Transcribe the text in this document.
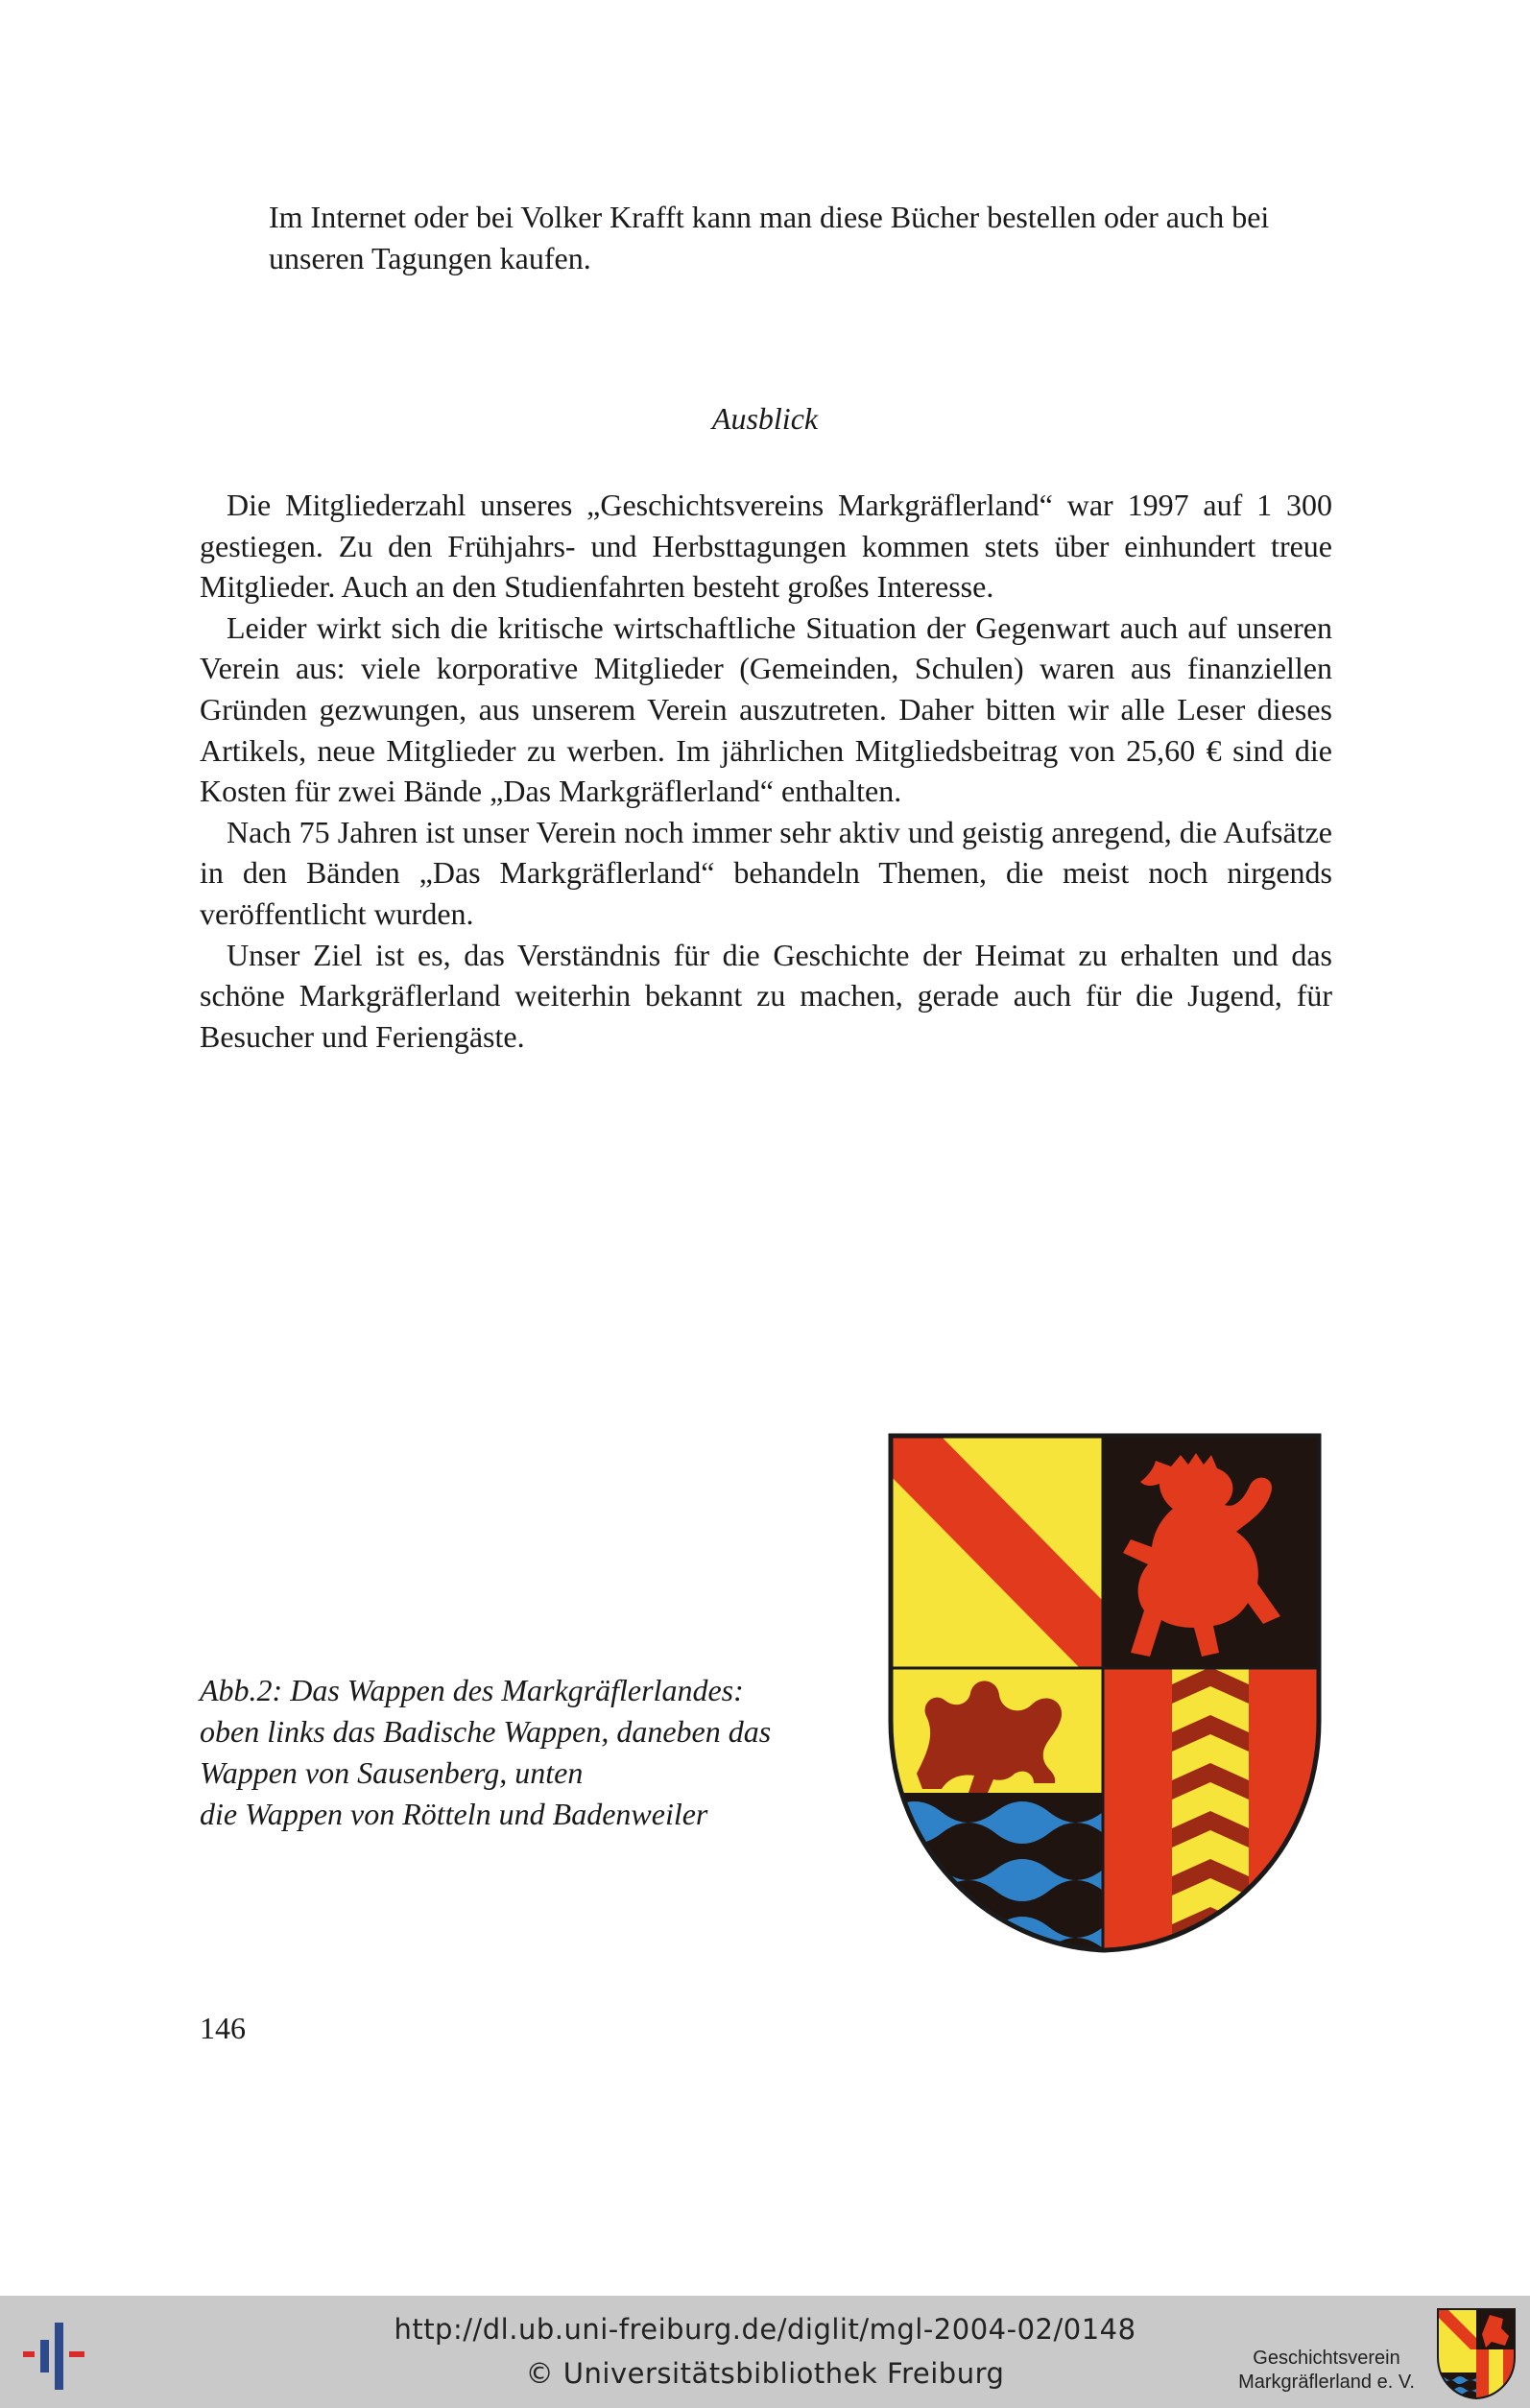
Im Internet oder bei Volker Krafft kann man diese Bücher bestellen oder auch bei unseren Tagungen kaufen.

Ausblick

Die Mitgliederzahl unseres „Geschichtsvereins Markgräflerland“ war 1997 auf 1 300 gestiegen. Zu den Frühjahrs- und Herbsttagungen kommen stets über einhundert treue Mitglieder. Auch an den Studienfahrten besteht großes Interesse.

Leider wirkt sich die kritische wirtschaftliche Situation der Gegenwart auch auf unseren Verein aus: viele korporative Mitglieder (Gemeinden, Schulen) waren aus finanziellen Gründen gezwungen, aus unserem Verein auszutreten. Daher bitten wir alle Leser dieses Artikels, neue Mitglieder zu werben. Im jährlichen Mitgliedsbeitrag von 25,60 € sind die Kosten für zwei Bände „Das Markgräflerland“ enthalten.

Nach 75 Jahren ist unser Verein noch immer sehr aktiv und geistig anregend, die Aufsätze in den Bänden „Das Markgräflerland“ behandeln Themen, die meist noch nirgends veröffentlicht wurden.

Unser Ziel ist es, das Verständnis für die Geschichte der Heimat zu erhalten und das schöne Markgräflerland weiterhin bekannt zu machen, gerade auch für die Jugend, für Besucher und Feriengäste.

Abb.2: Das Wappen des Markgräflerlandes:
oben links das Badische Wappen, daneben das
Wappen von Sausenberg, unten
die Wappen von Rötteln und Badenweiler

146

http://dl.ub.uni-freiburg.de/diglit/mgl-2004-02/0148
© Universitätsbibliothek Freiburg	Geschichtsverein
Markgräflerland e. V.
